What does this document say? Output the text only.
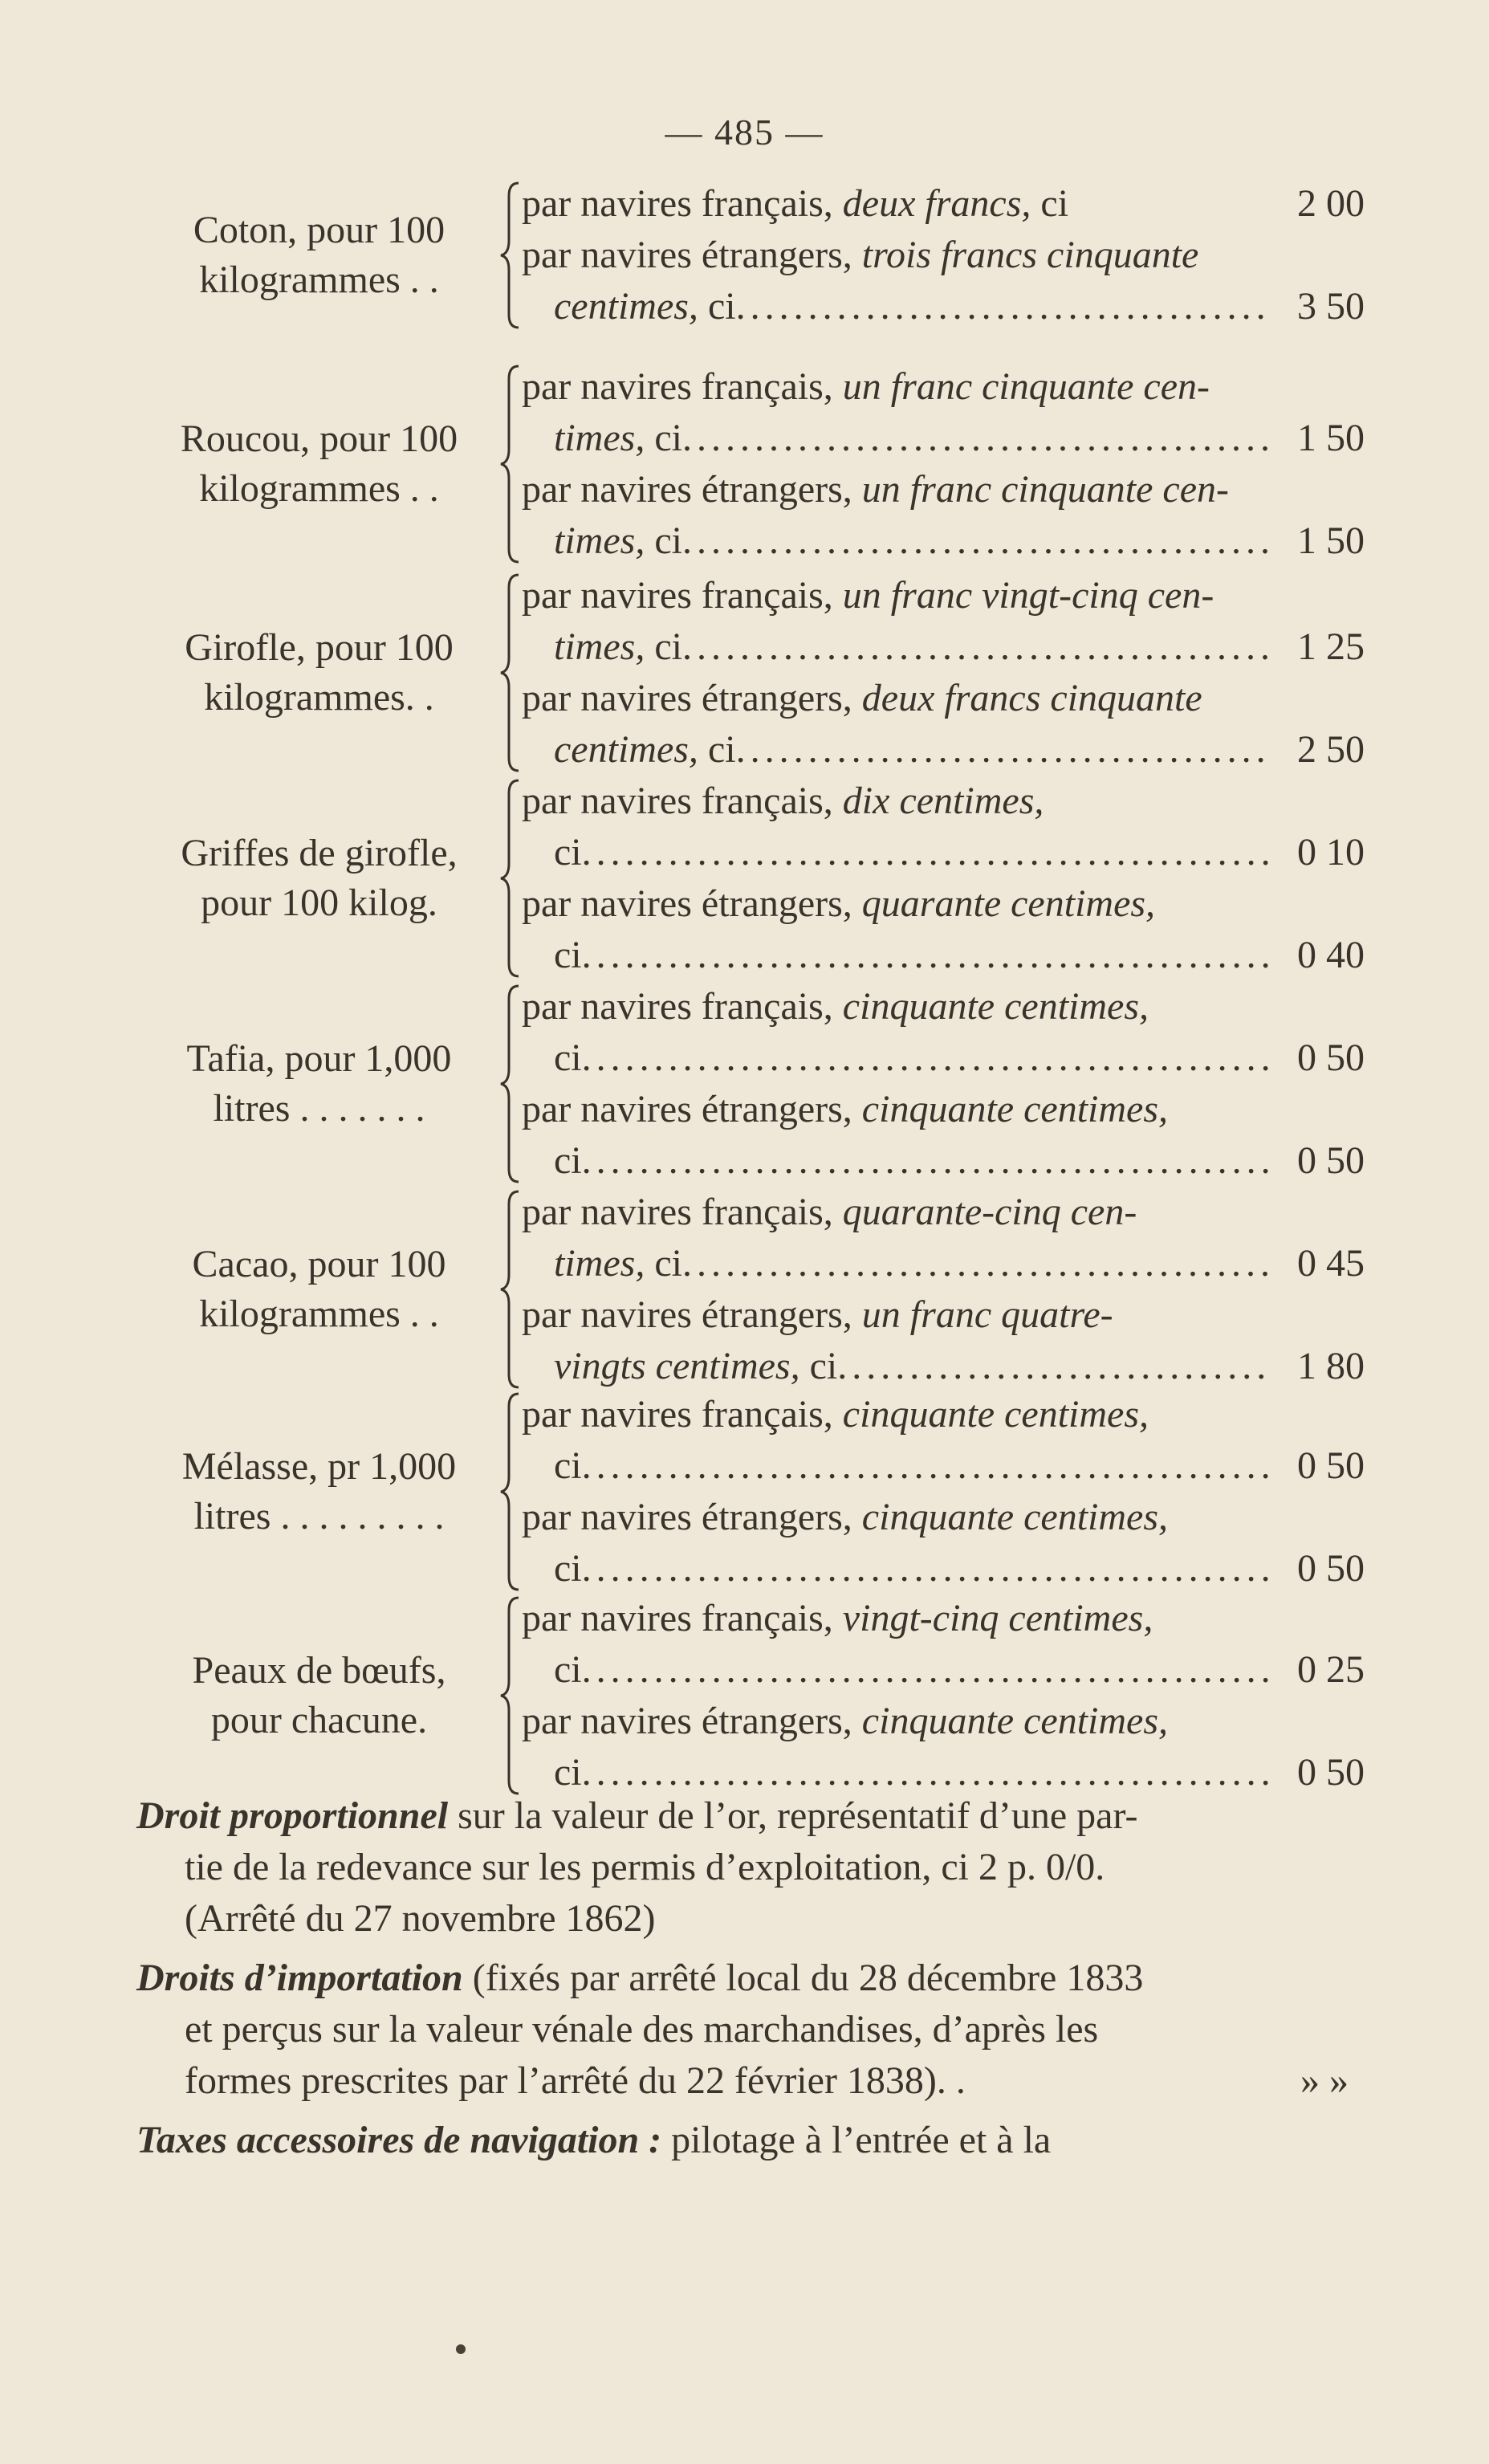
— 485 —
Coton, pour 100
kilogrammes . .
par navires français, deux francs, ci	2 00
par navires étrangers, trois francs cinquante
centimes, ci .....	3 50
Roucou, pour 100
kilogrammes . .
par navires français, un franc cinquante cen-
times, ci .....	1 50
par navires étrangers, un franc cinquante cen-
times, ci .....	1 50
Girofle, pour 100
kilogrammes. .
par navires français, un franc vingt-cinq cen-
times, ci .....	1 25
par navires étrangers, deux francs cinquante
centimes, ci .....	2 50
Griffes de girofle,
pour 100 kilog.
par navires français, dix centimes,
ci .....	0 10
par navires étrangers, quarante centimes,
ci .....	0 40
Tafia, pour 1,000
litres . . . . . . .
par navires français, cinquante centimes,
ci .....	0 50
par navires étrangers, cinquante centimes,
ci .....	0 50
Cacao, pour 100
kilogrammes . .
par navires français, quarante-cinq cen-
times, ci .....	0 45
par navires étrangers, un franc quatre-
vingts centimes, ci .....	1 80
Mélasse, pr 1,000
litres . . . . . . . . .
par navires français, cinquante centimes,
ci .....	0 50
par navires étrangers, cinquante centimes,
ci .....	0 50
Peaux de bœufs,
pour chacune.
par navires français, vingt-cinq centimes,
ci .....	0 25
par navires étrangers, cinquante centimes,
ci .....	0 50
Droit proportionnel sur la valeur de l’or, représentatif d’une par-
tie de la redevance sur les permis d’exploitation, ci 2 p. 0/0.
(Arrêté du 27 novembre 1862)
Droits d’importation (fixés par arrêté local du 28 décembre 1833
et perçus sur la valeur vénale des marchandises, d’après les
formes prescrites par l’arrêté du 22 février 1838). .	» »
Taxes accessoires de navigation : pilotage à l’entrée et à la
